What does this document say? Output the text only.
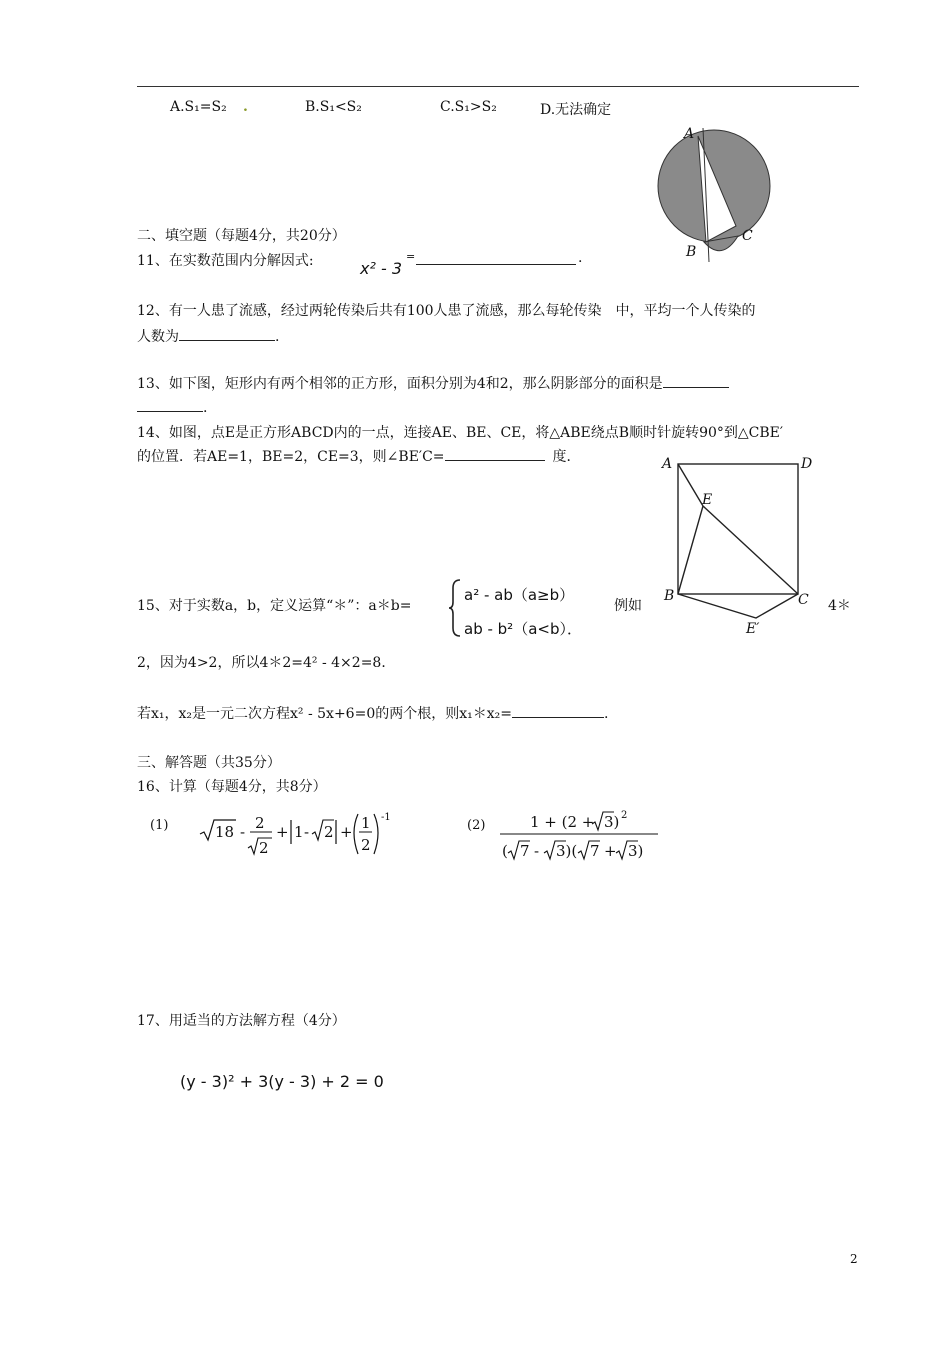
A.S₁=S₂ .	B.S₁<S₂	C.S₁>S₂	D.无法确定
A
B
C
二、填空题（每题4分，共20分）
11、在实数范围内分解因式:	x² - 3
=	.
12、有一人患了流感，经过两轮传染后共有100人患了流感，那么每轮传染　中，平均一个人传染的
人数为	.
13、如下图，矩形内有两个相邻的正方形，面积分别为4和2，那么阴影部分的面积是
.
14、如图，点E是正方形ABCD内的一点，连接AE、BE、CE，将△ABE绕点B顺时针旋转90°到△CBE′
的位置．若AE=1，BE=2，CE=3，则∠BE′C=	度．	A	D
E
B	C
E′
15、对于实数a，b，定义运算“＊”：a＊b=
a² - ab（a≥b）
ab - b²（a<b）．
例如	4＊
2，因为4>2，所以4＊2=4² - 4×2=8．
若x₁，x₂是一元二次方程x² - 5x+6=0的两个根，则x₁＊x₂=	.
三、解答题（共35分）
16、计算（每题4分，共8分）
(1)	18 - 2
2
+ 1 - 2 + 1
2
-1
(2)	1 + (2 + 3) 2
( 7 - 3)( 7 + 3)
17、用适当的方法解方程（4分）
(y - 3)² + 3(y - 3) + 2 = 0
2
